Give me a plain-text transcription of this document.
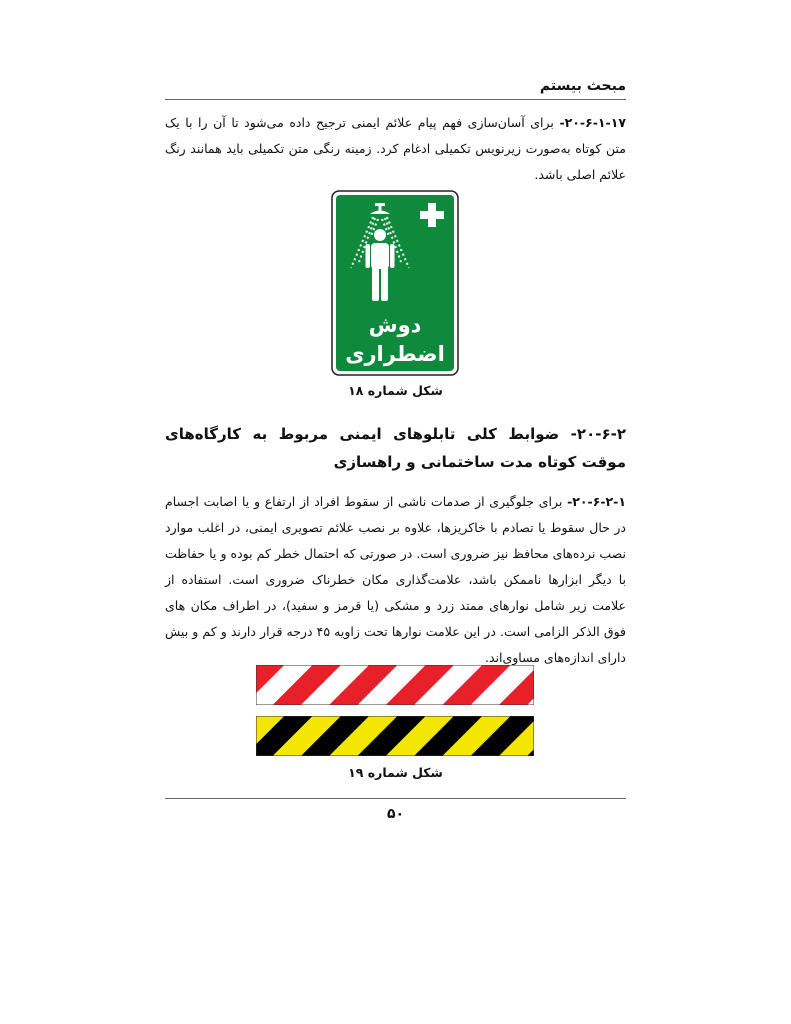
مبحث بیستم

۲۰-۶-۱-۱۷- برای آسان‌سازی فهم پیام علائم ایمنی ترجیح داده می‌شود تا آن را با یک متن کوتاه به‌صورت زیرنویس تکمیلی ادغام کرد. زمینه رنگی متن تکمیلی باید همانند رنگ علائم اصلی باشد.

دوش
اضطراری
شکل شماره ۱۸
۲۰-۶-۲- ضوابط کلی تابلوهای ایمنی مربوط به کارگاه‌های موقت کوتاه مدت ساختمانی و راهسازی

۲۰-۶-۲-۱- برای جلوگیری از صدمات ناشی از سقوط افراد از ارتفاع و یا اصابت اجسام در حال سقوط یا تصادم با خاکریزها، علاوه بر نصب علائم تصویری ایمنی، در اغلب موارد نصب نرده‌های محافظ نیز ضروری است. در صورتی که احتمال خطر کم بوده و یا حفاظت با دیگر ابزارها ناممکن باشد، علامت‌گذاری مکان خطرناک ضروری است. استفاده از علامت زیر شامل نوارهای ممتد زرد و مشکی (یا قرمز و سفید)، در اطراف مکان های فوق الذکر الزامی است. در این علامت نوارها تحت زاویه ۴۵ درجه قرار دارند و کم و بیش دارای اندازه‌های مساوی‌اند.

شکل شماره ۱۹
۵۰
